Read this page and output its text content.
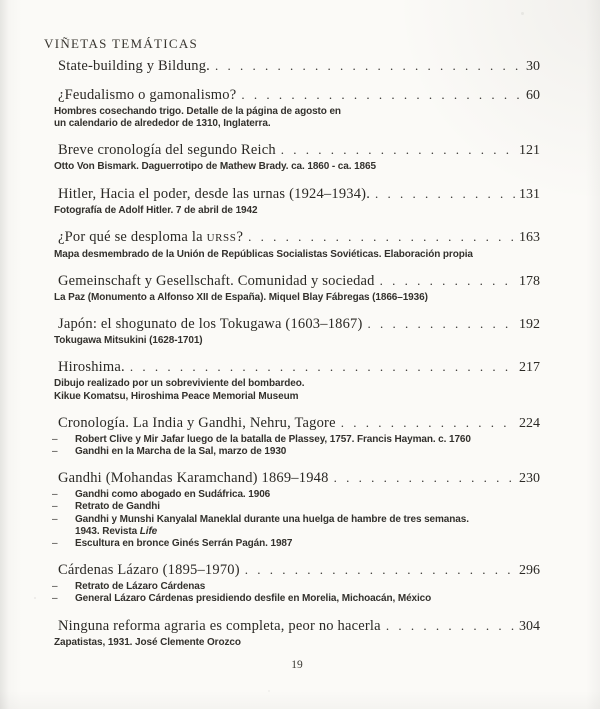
VIÑETAS TEMÁTICAS
State-building y Bildung. . . .	30
¿Feudalismo o gamonalismo? . . .	60
Hombres cosechando trigo. Detalle de la página de agosto en
un calendario de alrededor de 1310, Inglaterra.
Breve cronología del segundo Reich . . .	121
Otto Von Bismark. Daguerrotipo de Mathew Brady. ca. 1860 - ca. 1865
Hitler, Hacia el poder, desde las urnas (1924–1934). . . .	131
Fotografía de Adolf Hitler. 7 de abril de 1942
¿Por qué se desploma la URSS? . . .	163
Mapa desmembrado de la Unión de Repúblicas Socialistas Soviéticas. Elaboración propia
Gemeinschaft y Gesellschaft. Comunidad y sociedad . . .	178
La Paz (Monumento a Alfonso XII de España). Miquel Blay Fábregas (1866–1936)
Japón: el shogunato de los Tokugawa (1603–1867) . . .	192
Tokugawa Mitsukini (1628-1701)
Hiroshima. . . .	217
Dibujo realizado por un sobreviviente del bombardeo.
Kikue Komatsu, Hiroshima Peace Memorial Museum
Cronología. La India y Gandhi, Nehru, Tagore . . .	224
–	Robert Clive y Mir Jafar luego de la batalla de Plassey, 1757. Francis Hayman. c. 1760
–	Gandhi en la Marcha de la Sal, marzo de 1930
Gandhi (Mohandas Karamchand) 1869–1948 . . .	230
–	Gandhi como abogado en Sudáfrica. 1906
–	Retrato de Gandhi
–	Gandhi y Munshi Kanyalal Maneklal durante una huelga de hambre de tres semanas.
1943. Revista Life
–	Escultura en bronce Ginés Serrán Pagán. 1987
Cárdenas Lázaro (1895–1970) . . .	296
–	Retrato de Lázaro Cárdenas
–	General Lázaro Cárdenas presidiendo desfile en Morelia, Michoacán, México
Ninguna reforma agraria es completa, peor no hacerla . . .	304
Zapatistas, 1931. José Clemente Orozco
19
